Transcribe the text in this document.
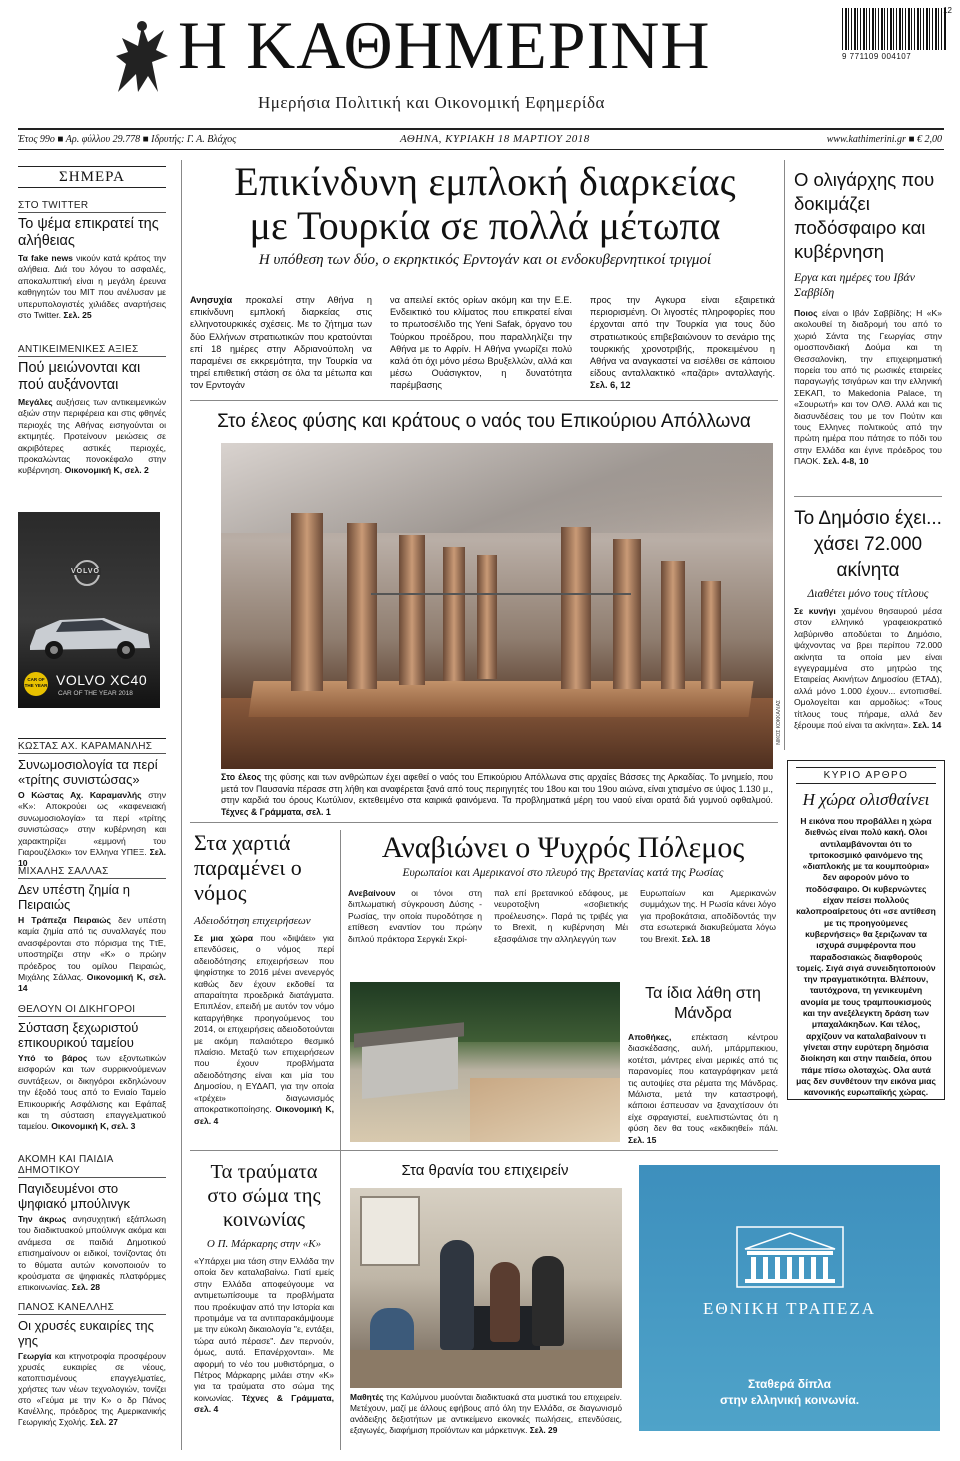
Η ΚΑΘΗΜΕΡΙΝΗ
Ημερήσια Πολιτική και Οικονομική Εφημερίδα
9 771109 004107
12
Έτος 99ο ■ Αρ. φύλλου 29.778 ■ Ιδρυτής: Γ. Α. Βλάχος	ΑΘΗΝΑ, ΚΥΡΙΑΚΗ 18 ΜΑΡΤΙΟΥ 2018	www.kathimerini.gr ■ € 2,00
ΣΗΜΕΡΑ
ΣΤΟ TWITTER
Το ψέμα επικρατεί της αλήθειας
Τα fake news νικούν κατά κράτος την αλήθεια. Διά του λόγου το ασφαλές, αποκαλυπτική είναι η μεγάλη έρευνα καθηγητών του MIT που ανέλυσαν με υπερυπολογιστές χιλιάδες αναρτήσεις στο Twitter. Σελ. 25
ΑΝΤΙΚΕΙΜΕΝΙΚΕΣ ΑΞΙΕΣ
Πού μειώνονται και πού αυξάνονται
Μεγάλες αυξήσεις των αντικειμενικών αξιών στην περιφέρεια και στις φθηνές περιοχές της Αθήνας εισηγούνται οι εκτιμητές. Προτείνουν μειώσεις σε ακριβότερες αστικές περιοχές, προκαλώντας πονοκέφαλο στην κυβέρνηση. Οικονομική Κ, σελ. 2
VOLVO
CAR OF THE YEAR VOLVO XC40
CAR OF THE YEAR 2018
ΚΩΣΤΑΣ ΑΧ. ΚΑΡΑΜΑΝΛΗΣ
Συνωμοσιολογία τα περί «τρίτης συνιστώσας»
Ο Κώστας Αχ. Καραμανλής στην «Κ»: Αποκρούει ως «καφενειακή συνωμοσιολογία» τα περί «τρίτης συνιστώσας» στην κυβέρνηση και χαρακτηρίζει «εμμονή του Γιαρουζέλσκι» τον Ελληνα ΥΠΕΞ. Σελ. 10
ΜΙΧΑΛΗΣ ΣΑΛΛΑΣ
Δεν υπέστη ζημία η Πειραιώς
Η Τράπεζα Πειραιώς δεν υπέστη καμία ζημία από τις συναλλαγές που ανασφέρονται στο πόρισμα της ΤτΕ, υποστηρίζει στην «Κ» ο πρώην πρόεδρος του ομίλου Πειραιώς, Μιχάλης Σάλλας. Οικονομική Κ, σελ. 14
ΘΕΛΟΥΝ ΟΙ ΔΙΚΗΓΟΡΟΙ
Σύσταση ξεχωριστού επικουρικού ταμείου
Υπό το βάρος των εξοντωτικών εισφορών και των συρρικνούμενων συντάξεων, οι δικηγόροι εκδηλώνουν την έξοδό τους από το Ενιαίο Ταμείο Επικουρικής Ασφάλισης και Εφάπαξ και τη σύσταση επαγγελματικού ταμείου. Οικονομική Κ, σελ. 3
ΑΚΟΜΗ ΚΑΙ ΠΑΙΔΙΑ ΔΗΜΟΤΙΚΟΥ
Παγιδευμένοι στο ψηφιακό μπούλινγκ
Την άκρως ανησυχητική εξάπλωση του διαδικτυακού μπούλινγκ ακόμα και ανάμεσα σε παιδιά Δημοτικού επισημαίνουν οι ειδικοί, τονίζοντας ότι το θύματα αυτών κοινοποιούν το κρούσματα σε ψηφιακές πλατφόρμες επικοινωνίας. Σελ. 28
ΠΑΝΟΣ ΚΑΝΕΛΛΗΣ
Οι χρυσές ευκαιρίες της γης
Γεωργία και κτηνοτροφία προσφέρουν χρυσές ευκαιρίες σε νέους, κατοπτισμένους επαγγελματίες, χρήστες των νέων τεχνολογιών, τονίζει στο «Γεύμα με την Κ» ο δρ Πάνος Κανέλλης, πρόεδρος της Αμερικανικής Γεωργικής Σχολής. Σελ. 27
Επικίνδυνη εμπλοκή διαρκείας
με Τουρκία σε πολλά μέτωπα
Η υπόθεση των δύο, ο εκρηκτικός Ερντογάν και οι ενδοκυβερνητικοί τριγμοί
Ανησυχία προκαλεί στην Αθήνα η επικίνδυνη εμπλοκή διαρκείας στις ελληνοτουρκικές σχέσεις. Με το ζήτημα των δύο Ελλήνων στρατιωτικών που κρατούνται επί 18 ημέρες στην Αδριανούπολη να παραμένει σε εκκρεμότητα, την Τουρκία να τηρεί επιθετική στάση σε όλα τα μέτωπα και τον Ερντογάν
να απειλεί εκτός ορίων ακόμη και την Ε.Ε. Ενδεικτικό του κλίματος που επικρατεί είναι το πρωτοσέλιδο της Yeni Safak, όργανο του Τούρκου προέδρου, που παραλληλίζει την Αθήνα με το Αφρίν. Η Αθήνα γνωρίζει πολύ καλά ότι όχι μόνο μέσω Βρυξελλών, αλλά και μέσω Ουάσιγκτον, η δυνατότητα παρέμβασης
προς την Αγκυρα είναι εξαιρετικά περιορισμένη. Οι λιγοστές πληροφορίες που έρχονται από την Τουρκία για τους δύο στρατιωτικούς επιβεβαιώνουν το σενάριο της τουρκικής χρονοτριβής, προκειμένου η Αθήνα να αναγκαστεί να εισέλθει σε κάποιου είδους ανταλλακτικό «παζάρι» ανταλλαγής. Σελ. 6, 12
Στο έλεος φύσης και κράτους ο ναός του Επικούριου Απόλλωνα
ΝΙΚΟΣ ΚΟΚΚΑΛΙΑΣ
Στο έλεος της φύσης και των ανθρώπων έχει αφεθεί ο ναός του Επικούριου Απόλλωνα στις αρχαίες Βάσσες της Αρκαδίας. Το μνημείο, που μετά τον Παυσανία πέρασε στη λήθη και αναφέρεται ξανά από τους περιηγητές του 18ου και του 19ου αιώνα, είναι χτισμένο σε ύψος 1.130 μ., στην καρδιά του όρους Κωτύλιον, εκτεθειμένο στα καιρικά φαινόμενα. Τα προβληματικά μέρη του ναού είναι ορατά διά γυμνού οφθαλμού. Τέχνες & Γράμματα, σελ. 1
Ο ολιγάρχης που δοκιμάζει ποδόσφαιρο και κυβέρνηση
Εργα και ημέρες του Ιβάν Σαββίδη
Ποιος είναι ο Ιβάν Σαββίδης; Η «Κ» ακολουθεί τη διαδρομή του από το χωριό Σάντα της Γεωργίας στην ομοσπονδιακή Δούμα και τη Θεσσαλονίκη, την επιχειρηματική πορεία του από τις ρωσικές εταιρείες παραγωγής τσιγάρων και την ελληνική ΣΕΚΑΠ, το Makedonia Palace, τη «Σουρωτή» και τον ΟΛΘ. Αλλά και τις διασυνδέσεις του με τον Πούτιν και τους Ελληνες πολιτικούς από την πρώτη ημέρα που πάτησε το πόδι του στην Ελλάδα και έγινε πρόεδρος του ΠΑΟΚ. Σελ. 4-8, 10
Το Δημόσιο έχει... χάσει 72.000 ακίνητα
Διαθέτει μόνο τους τίτλους
Σε κυνήγι χαμένου θησαυρού μέσα στον ελληνικό γραφειοκρατικό λαβύρινθο αποδύεται το Δημόσιο, ψάχνοντας να βρει περίπου 72.000 ακίνητα τα οποία μεν είναι εγγεγραμμένα στο μητρώο της Εταιρείας Ακινήτων Δημοσίου (ΕΤΑΔ), αλλά μόνο 1.000 έχουν... εντοπισθεί. Ομολογείται και αρμοδίως: «Τους τίτλους τους πήραμε, αλλά δεν ξέρουμε πού είναι τα ακίνητα». Σελ. 14
ΚΥΡΙΟ ΑΡΘΡΟ
Η χώρα ολισθαίνει
Η εικόνα που προβάλλει η χώρα διεθνώς είναι πολύ κακή. Ολοι αντιλαμβάνονται ότι το τριτοκοσμικό φαινόμενο της «διαπλοκής με τα κουμπούρια» δεν αφορούν μόνο το ποδόσφαιρο. Οι κυβερνώντες είχαν πείσει πολλούς καλοπροαίρετους ότι «σε αντίθεση με τις προηγούμενες κυβερνήσεις» θα ξεριζωναν τα ισχυρά συμφέροντα που παραδοσιακώς διαφθορούς τομείς. Σιγά σιγά συνειδητοποιούν την πραγματικότητα. Βλέπουν, ταυτόχρονα, τη γενικευμένη ανομία με τους τραμπουκισμούς και την ανεξέλεγκτη δράση των μπαχαλάκηδων. Και τέλος, αρχίζουν να καταλαβαίνουν τι γίνεται στην ευρύτερη δημόσια διοίκηση και στην παιδεία, όπου πάμε πίσω ολοταχώς. Ολα αυτά μας δεν συνθέτουν την εικόνα μιας κανονικής ευρωπαϊκής χώρας.
Στα χαρτιά παραμένει ο νόμος
Αδειοδότηση επιχειρήσεων
Σε μια χώρα που «διψάει» για επενδύσεις, ο νόμος περί αδειοδότησης επιχειρήσεων που ψηφίστηκε το 2016 μένει ανενεργός καθώς δεν έχουν εκδοθεί τα απαραίτητα προεδρικά διατάγματα. Επιπλέον, επειδή με αυτόν τον νόμο καταργήθηκε προηγούμενος του 2014, οι επιχειρήσεις αδειοδοτούνται με ακόμη παλαιότερο θεσμικό πλαίσιο. Μεταξύ των επιχειρήσεων που έχουν προβλήματα αδειοδότησης είναι και μία του Δημοσίου, η ΕΥΔΑΠ, για την οποία «τρέχει» διαγωνισμός αποκρατικοποίησης. Οικονομική Κ, σελ. 4
Αναβιώνει ο Ψυχρός Πόλεμος
Ευρωπαίοι και Αμερικανοί στο πλευρό της Βρετανίας κατά της Ρωσίας
Ανεβαίνουν οι τόνοι στη διπλωματική σύγκρουση Δύσης - Ρωσίας, την οποία πυροδότησε η επίθεση εναντίον του πρώην διπλού πράκτορα Σεργκέι Σκρί-
παλ επί βρετανικού εδάφους, με νευροτοξίνη «σοβιετικής προέλευσης». Παρά τις τριβές για το Brexit, η κυβέρνηση Μέι εξασφάλισε την αλληλεγγύη των
Ευρωπαίων και Αμερικανών συμμάχων της. Η Ρωσία κάνει λόγο για προβοκάτσια, αποδίδοντάς την στα εσωτερικά διακυβεύματα λόγω του Brexit. Σελ. 18
Τα ίδια λάθη στη Μάνδρα
Αποθήκες, επέκταση κέντρου διασκέδασης, αυλή, μπάρμπεκιου, κοτέτσι, μάντρες είναι μερικές από τις παρανομίες που καταγράφηκαν μετά τις αυτοψίες στα ρέματα της Μάνδρας. Μάλιστα, μετά την καταστροφή, κάποιοι έσπευσαν να ξαναχτίσουν ότι είχε σφραγιστεί, ευελπιστώντας ότι η φύση δεν θα τους «εκδικηθεί» πάλι. Σελ. 15
Τα τραύματα στο σώμα της κοινωνίας
Ο Π. Μάρκαρης στην «Κ»
«Υπάρχει μια τάση στην Ελλάδα την οποία δεν καταλαβαίνω. Γιατί εμείς στην Ελλάδα αποφεύγουμε να αντιμετωπίσουμε τα προβλήματα που προέκυψαν από την Ιστορία και προτιμάμε να τα αντιπαρακάμψουμε με την εύκολη δικαιολογία "ε, εντάξει, τώρα αυτό πέρασε". Δεν περνούν, όμως, αυτά. Επανέρχονται». Με αφορμή το νέο του μυθιστόρημα, ο Πέτρος Μάρκαρης μιλάει στην «Κ» για τα τραύματα στο σώμα της κοινωνίας. Τέχνες & Γράμματα, σελ. 4
Στα θρανία του επιχειρείν
Μαθητές της Καλύμνου μυούνται διαδικτυακά στα μυστικά του επιχειρείν. Μετέχουν, μαζί με άλλους εφήβους από όλη την Ελλάδα, σε διαγωνισμό ανάδειξης δεξιοτήτων με αντικείμενο εικονικές πωλήσεις, επενδύσεις, εξαγωγές, διαφήμιση προϊόντων και μάρκετινγκ. Σελ. 29
ΕΘΝΙΚΗ ΤΡΑΠΕΖΑ
Σταθερά δίπλα
στην ελληνική κοινωνία.
